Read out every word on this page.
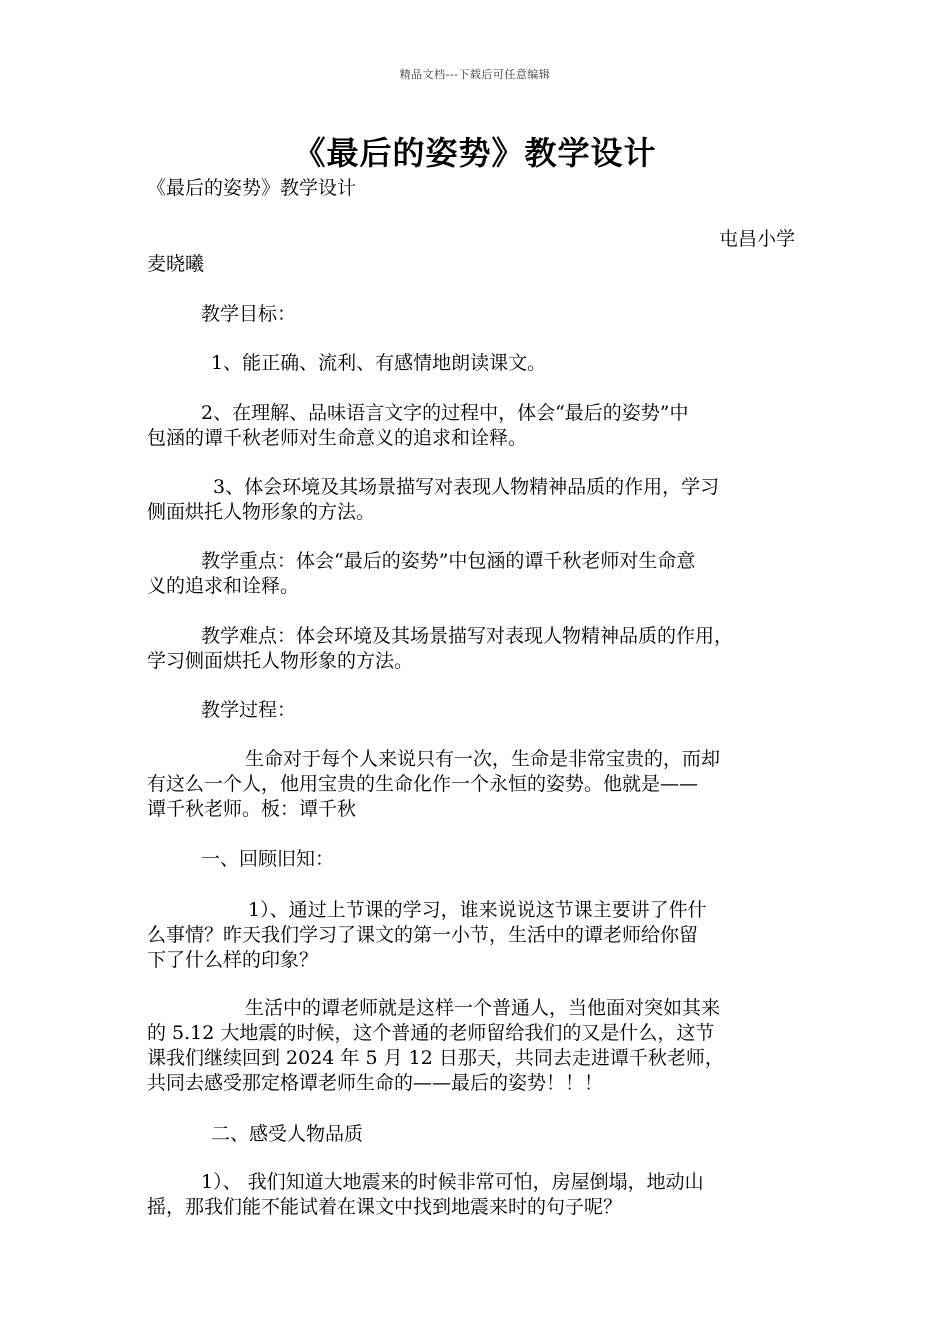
精品文档---下载后可任意编辑
《最后的姿势》教学设计
《最后的姿势》教学设计
屯昌小学
麦晓曦
教学目标：
1、能正确、流利、有感情地朗读课文。
2、在理解、品味语言文字的过程中，体会“最后的姿势”中
包涵的谭千秋老师对生命意义的追求和诠释。
3、体会环境及其场景描写对表现人物精神品质的作用，学习
侧面烘托人物形象的方法。
教学重点：体会“最后的姿势”中包涵的谭千秋老师对生命意
义的追求和诠释。
教学难点：体会环境及其场景描写对表现人物精神品质的作用，
学习侧面烘托人物形象的方法。
教学过程：
生命对于每个人来说只有一次，生命是非常宝贵的，而却
有这么一个人，他用宝贵的生命化作一个永恒的姿势。他就是——
谭千秋老师。板：谭千秋
一、回顾旧知：
1）、通过上节课的学习，谁来说说这节课主要讲了件什
么事情？昨天我们学习了课文的第一小节，生活中的谭老师给你留
下了什么样的印象？
生活中的谭老师就是这样一个普通人，当他面对突如其来
的 5.12 大地震的时候，这个普通的老师留给我们的又是什么，这节
课我们继续回到 2024 年 5 月 12 日那天，共同去走进谭千秋老师，
共同去感受那定格谭老师生命的——最后的姿势！！！
二、感受人物品质
1）、 我们知道大地震来的时候非常可怕，房屋倒塌，地动山
摇，那我们能不能试着在课文中找到地震来时的句子呢？
